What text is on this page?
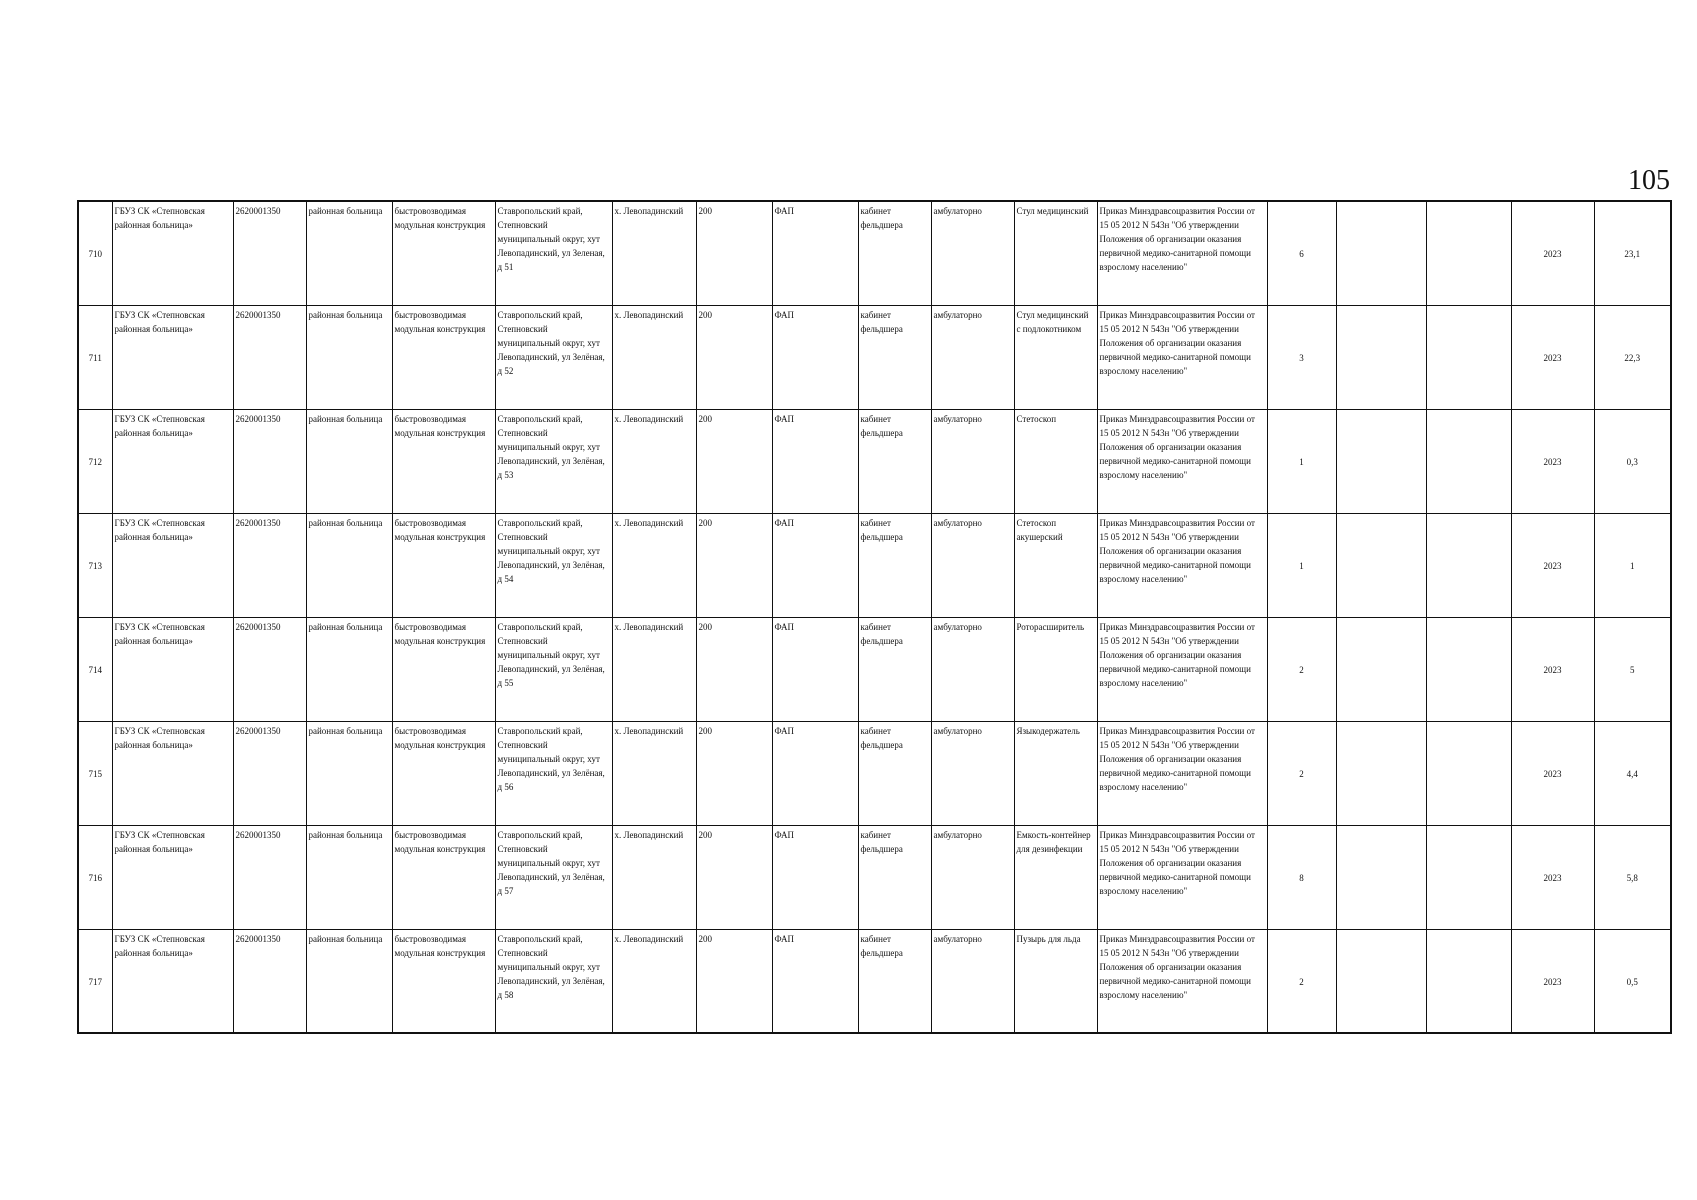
105
710	ГБУЗ СК «Степновская районная больница»	2620001350	районная больница	быстровозводимая модульная конструкция	Ставропольский край, Степновский муниципальный округ, хут Левопадинский, ул Зеленая, д 51	х. Левопадинский	200	ФАП	кабинет фельдшера	амбулаторно	Стул медицинский	Приказ Минздравсоцразвития России от 15 05 2012 N 543н "Об утверждении Положения об организации оказания первичной медико-санитарной помощи взрослому населению"	6			2023	23,1
711	ГБУЗ СК «Степновская районная больница»	2620001350	районная больница	быстровозводимая модульная конструкция	Ставропольский край, Степновский муниципальный округ, хут Левопадинский, ул Зелёная, д 52	х. Левопадинский	200	ФАП	кабинет фельдшера	амбулаторно	Стул медицинский с подлокотником	Приказ Минздравсоцразвития России от 15 05 2012 N 543н "Об утверждении Положения об организации оказания первичной медико-санитарной помощи взрослому населению"	3			2023	22,3
712	ГБУЗ СК «Степновская районная больница»	2620001350	районная больница	быстровозводимая модульная конструкция	Ставропольский край, Степновский муниципальный округ, хут Левопадинский, ул Зелёная, д 53	х. Левопадинский	200	ФАП	кабинет фельдшера	амбулаторно	Стетоскоп	Приказ Минздравсоцразвития России от 15 05 2012 N 543н "Об утверждении Положения об организации оказания первичной медико-санитарной помощи взрослому населению"	1			2023	0,3
713	ГБУЗ СК «Степновская районная больница»	2620001350	районная больница	быстровозводимая модульная конструкция	Ставропольский край, Степновский муниципальный округ, хут Левопадинский, ул Зелёная, д 54	х. Левопадинский	200	ФАП	кабинет фельдшера	амбулаторно	Стетоскоп акушерский	Приказ Минздравсоцразвития России от 15 05 2012 N 543н "Об утверждении Положения об организации оказания первичной медико-санитарной помощи взрослому населению"	1			2023	1
714	ГБУЗ СК «Степновская районная больница»	2620001350	районная больница	быстровозводимая модульная конструкция	Ставропольский край, Степновский муниципальный округ, хут Левопадинский, ул Зелёная, д 55	х. Левопадинский	200	ФАП	кабинет фельдшера	амбулаторно	Роторасширитель	Приказ Минздравсоцразвития России от 15 05 2012 N 543н "Об утверждении Положения об организации оказания первичной медико-санитарной помощи взрослому населению"	2			2023	5
715	ГБУЗ СК «Степновская районная больница»	2620001350	районная больница	быстровозводимая модульная конструкция	Ставропольский край, Степновский муниципальный округ, хут Левопадинский, ул Зелёная, д 56	х. Левопадинский	200	ФАП	кабинет фельдшера	амбулаторно	Языкодержатель	Приказ Минздравсоцразвития России от 15 05 2012 N 543н "Об утверждении Положения об организации оказания первичной медико-санитарной помощи взрослому населению"	2			2023	4,4
716	ГБУЗ СК «Степновская районная больница»	2620001350	районная больница	быстровозводимая модульная конструкция	Ставропольский край, Степновский муниципальный округ, хут Левопадинский, ул Зелёная, д 57	х. Левопадинский	200	ФАП	кабинет фельдшера	амбулаторно	Емкость-контейнер для дезинфекции	Приказ Минздравсоцразвития России от 15 05 2012 N 543н "Об утверждении Положения об организации оказания первичной медико-санитарной помощи взрослому населению"	8			2023	5,8
717	ГБУЗ СК «Степновская районная больница»	2620001350	районная больница	быстровозводимая модульная конструкция	Ставропольский край, Степновский муниципальный округ, хут Левопадинский, ул Зелёная, д 58	х. Левопадинский	200	ФАП	кабинет фельдшера	амбулаторно	Пузырь для льда	Приказ Минздравсоцразвития России от 15 05 2012 N 543н "Об утверждении Положения об организации оказания первичной медико-санитарной помощи взрослому населению"	2			2023	0,5
